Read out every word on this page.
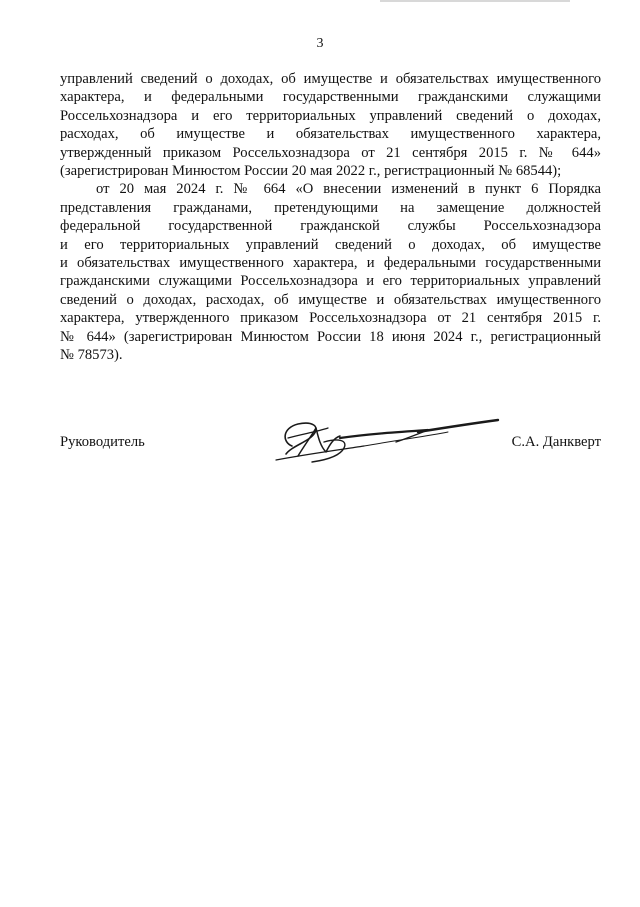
3
управлений сведений о доходах, об имуществе и обязательствах имущественного
характера, и федеральными государственными гражданскими служащими
Россельхознадзора и его территориальных управлений сведений о доходах,
расходах, об имуществе и обязательствах имущественного характера,
утвержденный приказом Россельхознадзора от 21 сентября 2015 г. № 644»
(зарегистрирован Минюстом России 20 мая 2022 г., регистрационный № 68544);
от 20 мая 2024 г. № 664 «О внесении изменений в пункт 6 Порядка
представления гражданами, претендующими на замещение должностей
федеральной государственной гражданской службы Россельхознадзора
и его территориальных управлений сведений о доходах, об имуществе
и обязательствах имущественного характера, и федеральными государственными
гражданскими служащими Россельхознадзора и его территориальных управлений
сведений о доходах, расходах, об имуществе и обязательствах имущественного
характера, утвержденного приказом Россельхознадзора от 21 сентября 2015 г.
№ 644» (зарегистрирован Минюстом России 18 июня 2024 г., регистрационный
№ 78573).
Руководитель	С.А. Данкверт
